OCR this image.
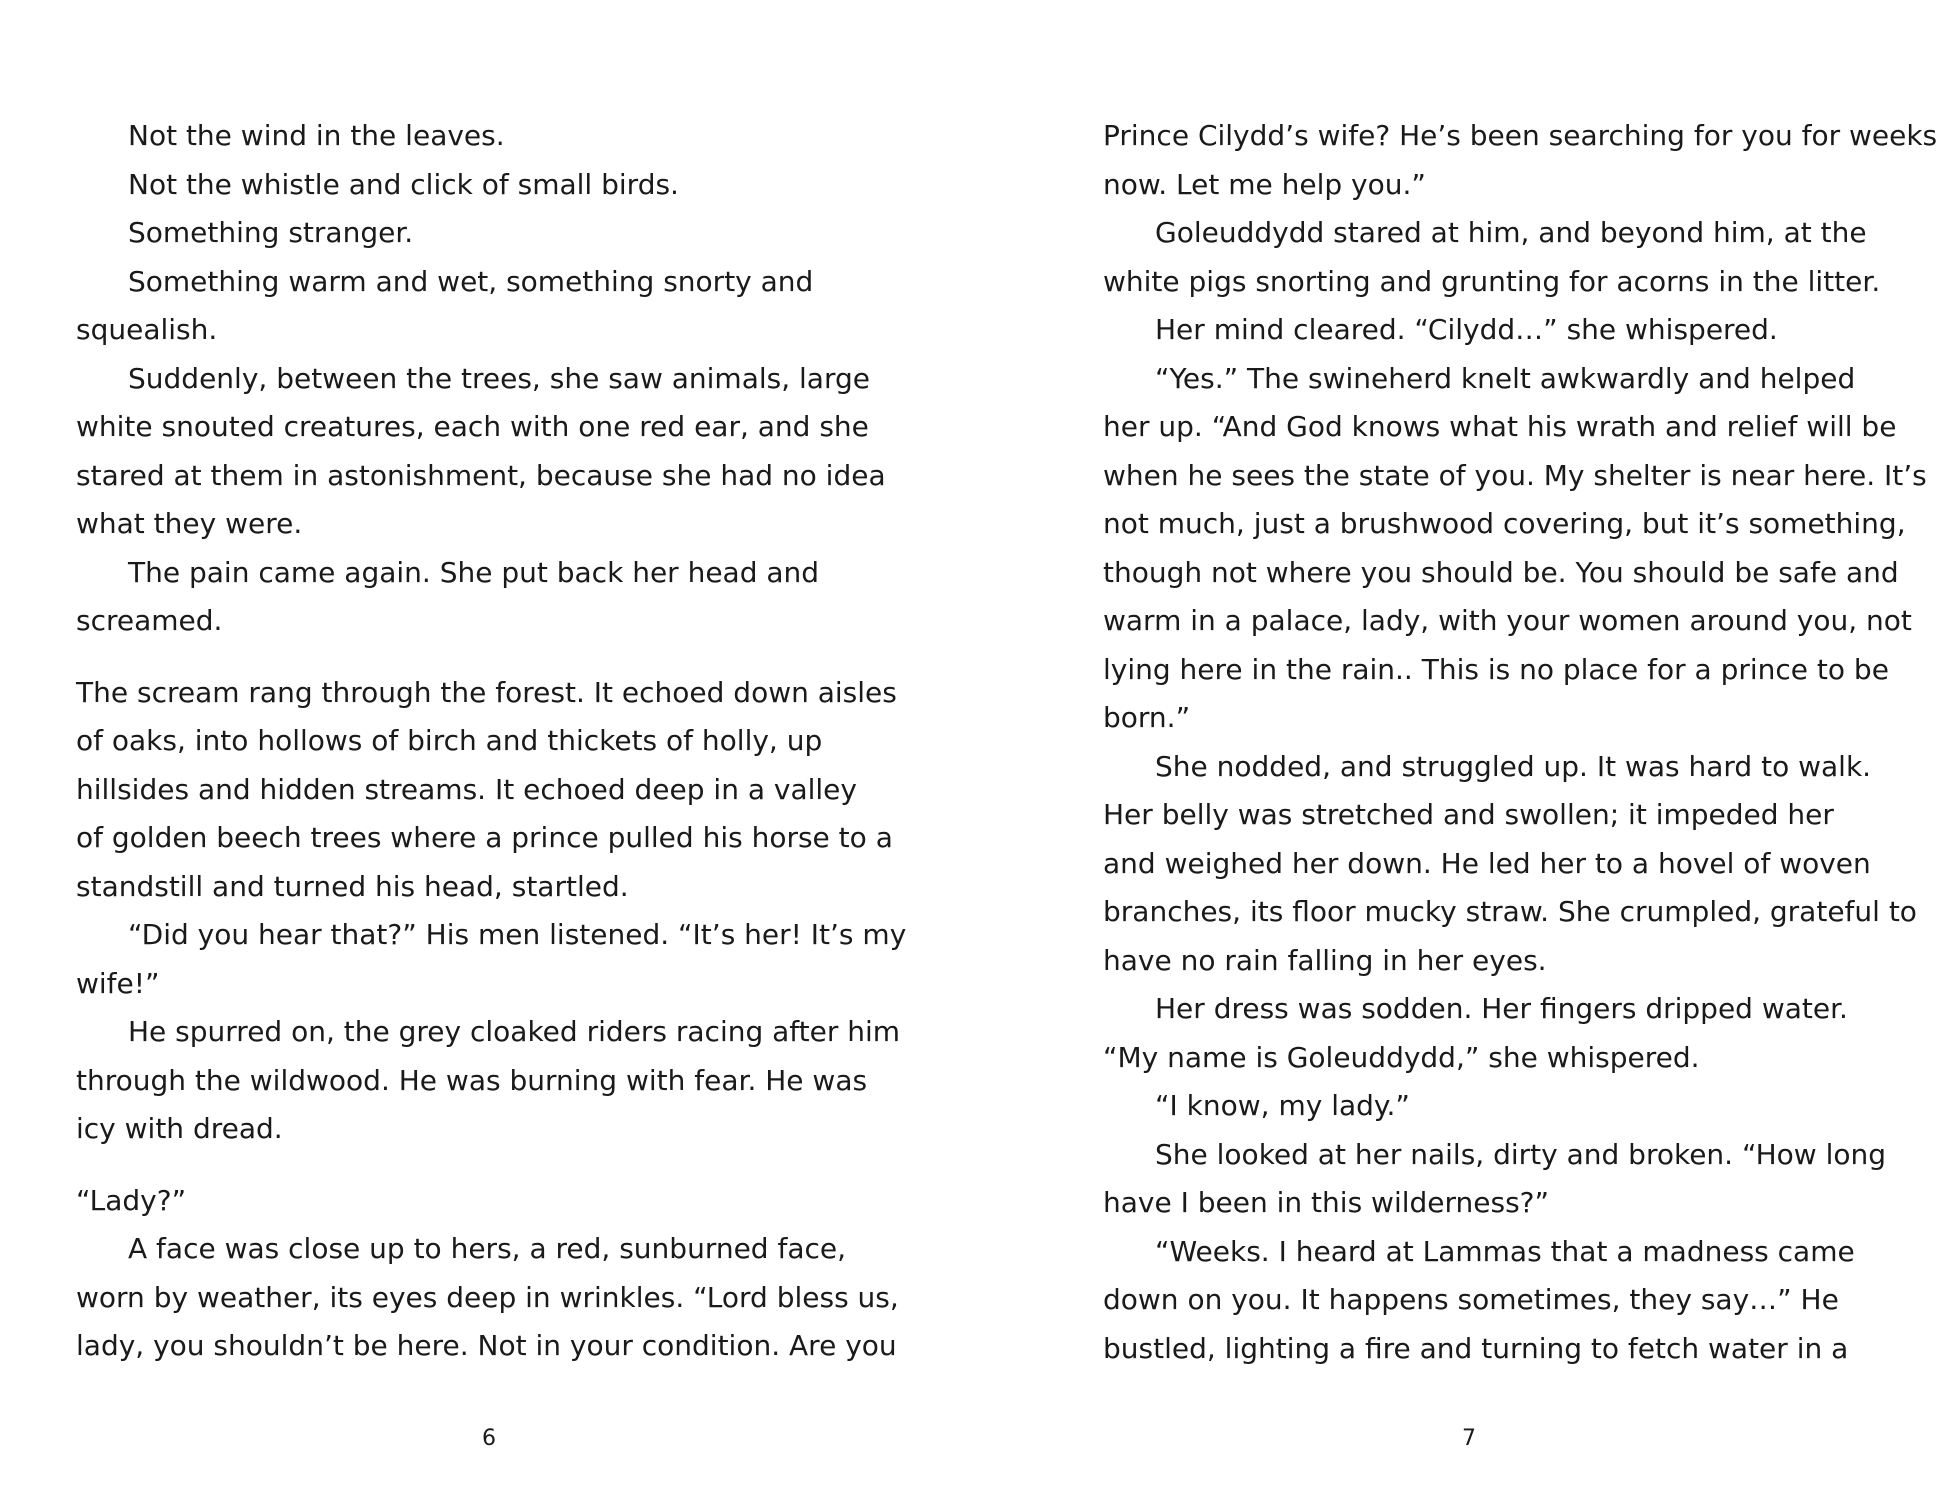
Not the wind in the leaves.
Not the whistle and click of small birds.
Something stranger.
Something warm and wet, something snorty and
squealish.
Suddenly, between the trees, she saw animals, large
white snouted creatures, each with one red ear, and she
stared at them in astonishment, because she had no idea
what they were.
The pain came again. She put back her head and
screamed.
The scream rang through the forest. It echoed down aisles
of oaks, into hollows of birch and thickets of holly, up
hillsides and hidden streams. It echoed deep in a valley
of golden beech trees where a prince pulled his horse to a
standstill and turned his head, startled.
“Did you hear that?” His men listened. “It’s her! It’s my
wife!”
He spurred on, the grey cloaked riders racing after him
through the wildwood. He was burning with fear. He was
icy with dread.
“Lady?”
A face was close up to hers, a red, sunburned face,
worn by weather, its eyes deep in wrinkles. “Lord bless us,
lady, you shouldn’t be here. Not in your condition. Are you
6
Prince Cilydd’s wife? He’s been searching for you for weeks
now. Let me help you.”
Goleuddydd stared at him, and beyond him, at the
white pigs snorting and grunting for acorns in the litter.
Her mind cleared. “Cilydd…” she whispered.
“Yes.” The swineherd knelt awkwardly and helped
her up. “And God knows what his wrath and relief will be
when he sees the state of you. My shelter is near here. It’s
not much, just a brushwood covering, but it’s something,
though not where you should be. You should be safe and
warm in a palace, lady, with your women around you, not
lying here in the rain.. This is no place for a prince to be
born.”
She nodded, and struggled up. It was hard to walk.
Her belly was stretched and swollen; it impeded her
and weighed her down. He led her to a hovel of woven
branches, its floor mucky straw. She crumpled, grateful to
have no rain falling in her eyes.
Her dress was sodden. Her fingers dripped water.
“My name is Goleuddydd,” she whispered.
“I know, my lady.”
She looked at her nails, dirty and broken. “How long
have I been in this wilderness?”
“Weeks. I heard at Lammas that a madness came
down on you. It happens sometimes, they say…” He
bustled, lighting a fire and turning to fetch water in a
7
